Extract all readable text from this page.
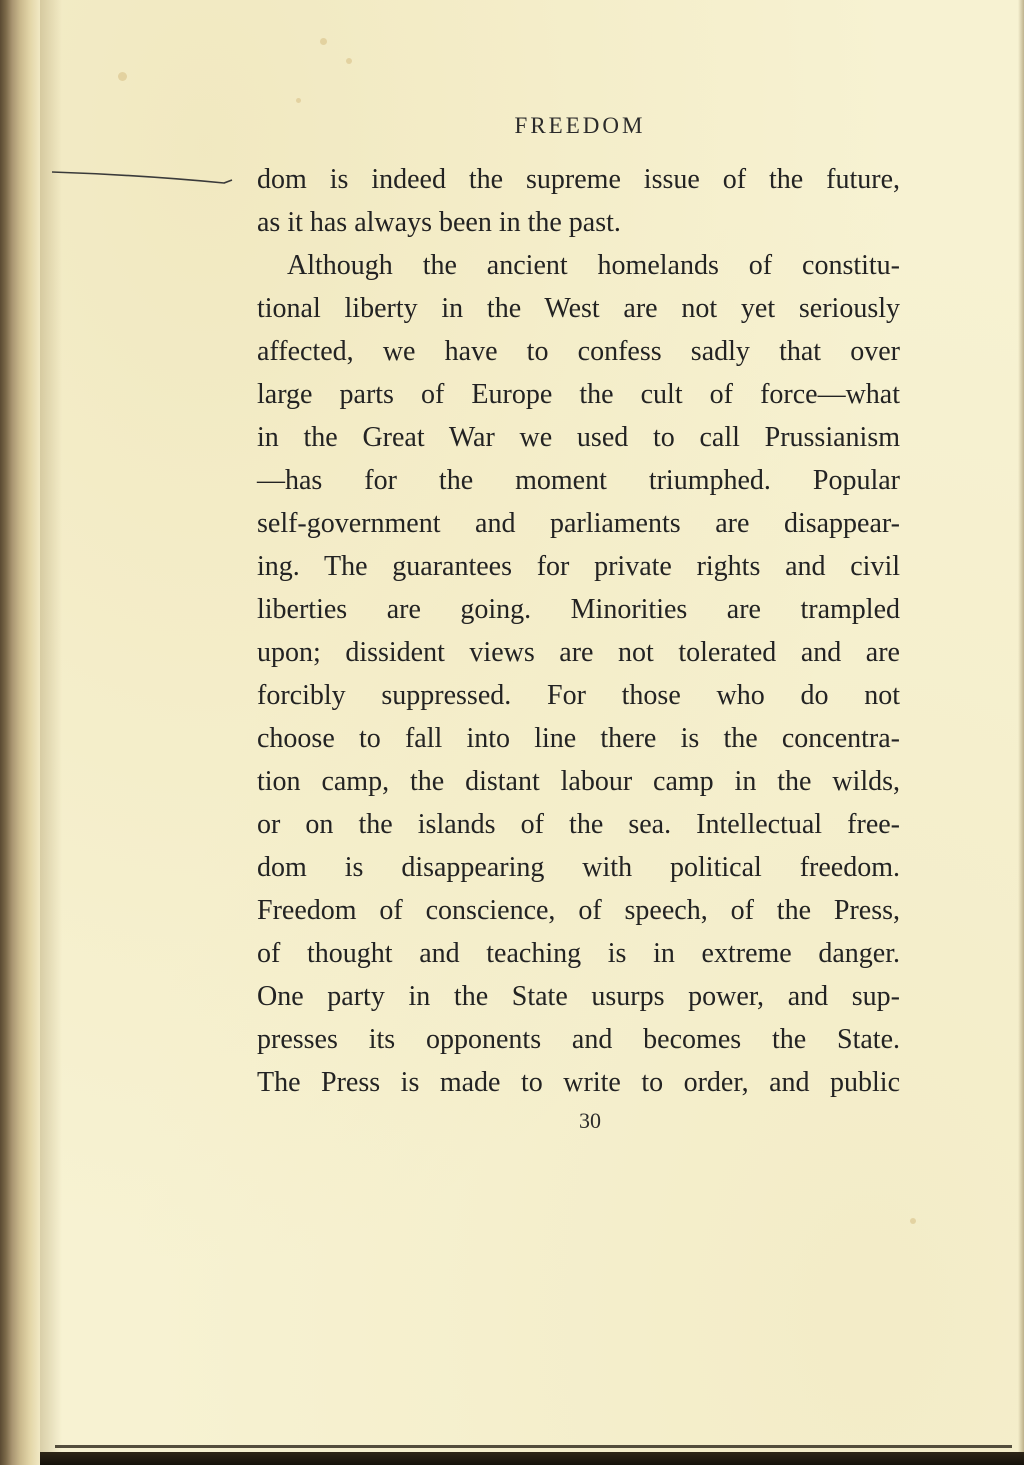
FREEDOM
dom is indeed the supreme issue of the future,
as it has always been in the past.
Although the ancient homelands of constitu-
tional liberty in the West are not yet seriously
affected, we have to confess sadly that over
large parts of Europe the cult of force—what
in the Great War we used to call Prussianism
—has for the moment triumphed. Popular
self-government and parliaments are disappear-
ing. The guarantees for private rights and civil
liberties are going. Minorities are trampled
upon; dissident views are not tolerated and are
forcibly suppressed. For those who do not
choose to fall into line there is the concentra-
tion camp, the distant labour camp in the wilds,
or on the islands of the sea. Intellectual free-
dom is disappearing with political freedom.
Freedom of conscience, of speech, of the Press,
of thought and teaching is in extreme danger.
One party in the State usurps power, and sup-
presses its opponents and becomes the State.
The Press is made to write to order, and public
30
